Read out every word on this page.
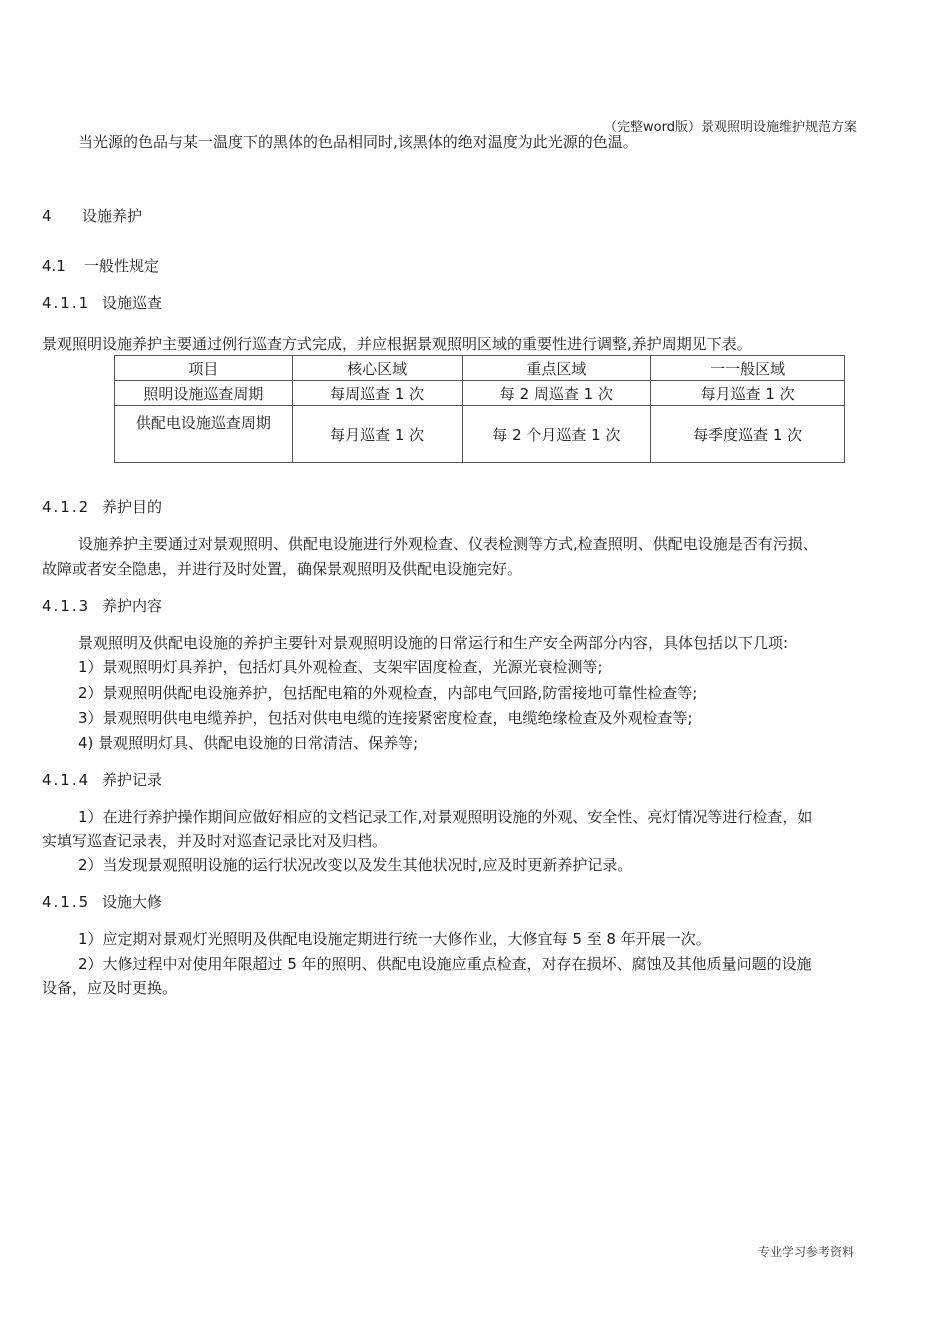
（完整word版）景观照明设施维护规范方案
当光源的色品与某一温度下的黑体的色品相同时,该黑体的绝对温度为此光源的色温。
4 设施养护
4.1 一般性规定
4.1.1 设施巡查
景观照明设施养护主要通过例行巡查方式完成，并应根据景观照明区域的重要性进行调整,养护周期见下表。
项目	核心区域	重点区域	一一般区域
照明设施巡查周期	每周巡查 1 次	每 2 周巡查 1 次	每月巡查 1 次
供配电设施巡查周期	每月巡查 1 次	每 2 个月巡查 1 次	每季度巡查 1 次
4.1.2 养护目的
设施养护主要通过对景观照明、供配电设施进行外观检查、仪表检测等方式,检查照明、供配电设施是否有污损、
故障或者安全隐患，并进行及时处置，确保景观照明及供配电设施完好。
4.1.3 养护内容
景观照明及供配电设施的养护主要针对景观照明设施的日常运行和生产安全两部分内容，具体包括以下几项:
1）景观照明灯具养护，包括灯具外观检查、支架牢固度检查，光源光衰检测等;
2）景观照明供配电设施养护，包括配电箱的外观检查，内部电气回路,防雷接地可靠性检查等;
3）景观照明供电电缆养护，包括对供电电缆的连接紧密度检查，电缆绝缘检查及外观检查等;
4) 景观照明灯具、供配电设施的日常清洁、保养等;
4.1.4 养护记录
1）在进行养护操作期间应做好相应的文档记录工作,对景观照明设施的外观、安全性、亮灯情况等进行检查，如
实填写巡查记录表，并及时对巡查记录比对及归档。
2）当发现景观照明设施的运行状况改变以及发生其他状况时,应及时更新养护记录。
4.1.5 设施大修
1）应定期对景观灯光照明及供配电设施定期进行统一大修作业，大修宜每 5 至 8 年开展一次。
2）大修过程中对使用年限超过 5 年的照明、供配电设施应重点检查，对存在损坏、腐蚀及其他质量问题的设施
设备，应及时更换。
专业学习参考资料
